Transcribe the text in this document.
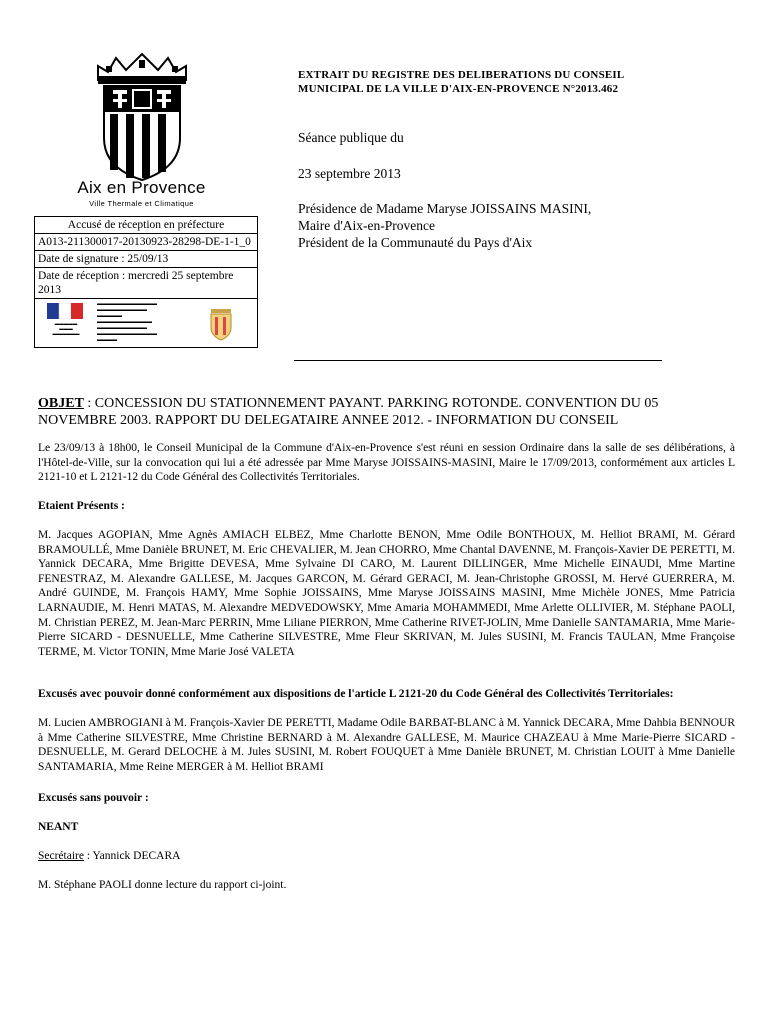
Aix en Provence
Ville Thermale et Climatique
Accusé de réception en préfecture
A013-211300017-20130923-28298-DE-1-1_0
Date de signature : 25/09/13
Date de réception : mercredi 25 septembre 2013
▬▬▬▬▬
▬▬▬
▬▬▬▬▬▬
▬▬▬▬▬▬▬▬▬▬▬▬
▬▬▬▬▬▬▬▬▬▬
▬▬▬▬▬
▬▬▬▬▬▬▬▬▬▬▬
▬▬▬▬▬▬▬▬▬▬
▬▬▬▬▬▬▬▬▬▬▬▬
▬▬▬▬
EXTRAIT DU REGISTRE DES DELIBERATIONS DU CONSEIL MUNICIPAL DE LA VILLE D'AIX-EN-PROVENCE N°2013.462
Séance publique du
23 septembre 2013
Présidence de Madame Maryse JOISSAINS MASINI,
Maire d'Aix-en-Provence
Président de la Communauté du Pays d'Aix
OBJET : CONCESSION DU STATIONNEMENT PAYANT. PARKING ROTONDE. CONVENTION DU 05 NOVEMBRE 2003. RAPPORT DU DELEGATAIRE ANNEE 2012. - INFORMATION DU CONSEIL
Le 23/09/13 à 18h00, le Conseil Municipal de la Commune d'Aix-en-Provence s'est réuni en session Ordinaire dans la salle de ses délibérations, à l'Hôtel-de-Ville, sur la convocation qui lui a été adressée par Mme Maryse JOISSAINS-MASINI, Maire le 17/09/2013, conformément aux articles L 2121-10 et L 2121-12 du Code Général des Collectivités Territoriales.
Etaient Présents :
M. Jacques AGOPIAN, Mme Agnès AMIACH ELBEZ, Mme Charlotte BENON, Mme Odile BONTHOUX, M. Helliot BRAMI, M. Gérard BRAMOULLÉ, Mme Danièle BRUNET, M. Eric CHEVALIER, M. Jean CHORRO, Mme Chantal DAVENNE, M. François-Xavier DE PERETTI, M. Yannick DECARA, Mme Brigitte DEVESA, Mme Sylvaine DI CARO, M. Laurent DILLINGER, Mme Michelle EINAUDI, Mme Martine FENESTRAZ, M. Alexandre GALLESE, M. Jacques GARCON, M. Gérard GERACI, M. Jean-Christophe GROSSI, M. Hervé GUERRERA, M. André GUINDE, M. François HAMY, Mme Sophie JOISSAINS, Mme Maryse JOISSAINS MASINI, Mme Michèle JONES, Mme Patricia LARNAUDIE, M. Henri MATAS, M. Alexandre MEDVEDOWSKY, Mme Amaria MOHAMMEDI, Mme Arlette OLLIVIER, M. Stéphane PAOLI, M. Christian PEREZ, M. Jean-Marc PERRIN, Mme Liliane PIERRON, Mme Catherine RIVET-JOLIN, Mme Danielle SANTAMARIA, Mme Marie-Pierre SICARD - DESNUELLE, Mme Catherine SILVESTRE, Mme Fleur SKRIVAN, M. Jules SUSINI, M. Francis TAULAN, Mme Françoise TERME, M. Victor TONIN, Mme Marie José VALETA
Excusés avec pouvoir donné conformément aux dispositions de l'article L 2121-20 du Code Général des Collectivités Territoriales:
M. Lucien AMBROGIANI à M. François-Xavier DE PERETTI, Madame Odile BARBAT-BLANC à M. Yannick DECARA, Mme Dahbia BENNOUR à Mme Catherine SILVESTRE, Mme Christine BERNARD à M. Alexandre GALLESE, M. Maurice CHAZEAU à Mme Marie-Pierre SICARD - DESNUELLE, M. Gerard DELOCHE à M. Jules SUSINI, M. Robert FOUQUET à Mme Danièle BRUNET, M. Christian LOUIT à Mme Danielle SANTAMARIA, Mme Reine MERGER à M. Helliot BRAMI
Excusés sans pouvoir :
NEANT
Secrétaire : Yannick DECARA
M. Stéphane PAOLI donne lecture du rapport ci-joint.
